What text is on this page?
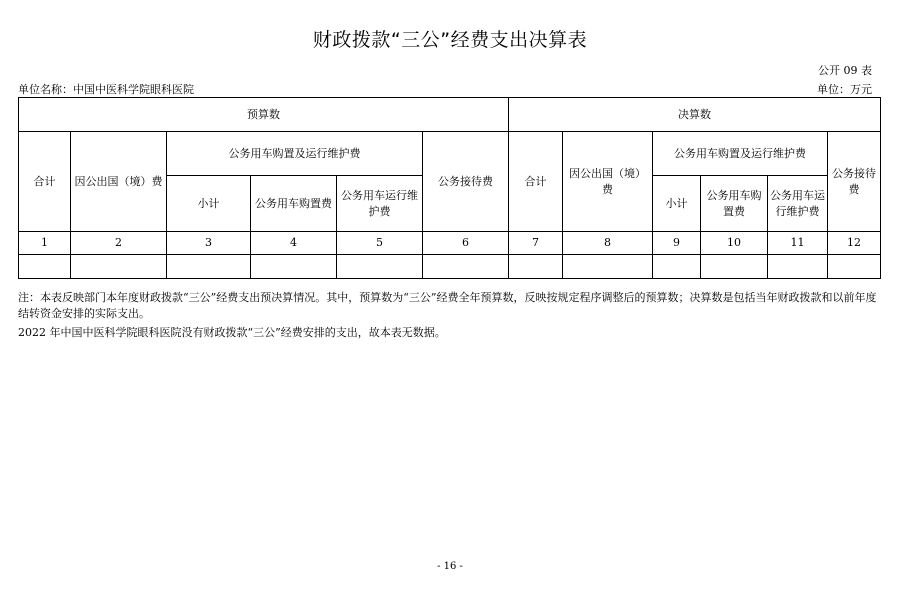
财政拨款“三公”经费支出决算表
公开 09 表
单位名称：中国中医科学院眼科医院	单位：万元
预算数						决算数					
合计	因公出国（境）费	公务用车购置及运行维护费			公务接待费	合计	因公出国（境）费	公务用车购置及运行维护费			公务接待费
		小计	公务用车购置费	公务用车运行维护费				小计	公务用车购置费	公务用车运行维护费	
1	2	3	4	5	6	7	8	9	10	11	12

注：本表反映部门本年度财政拨款“三公”经费支出预决算情况。其中，预算数为“三公”经费全年预算数，反映按规定程序调整后的预算数；决算数是包括当年财政拨款和以前年度结转资金安排的实际支出。
2022 年中国中医科学院眼科医院没有财政拨款“三公”经费安排的支出，故本表无数据。
- 16 -
